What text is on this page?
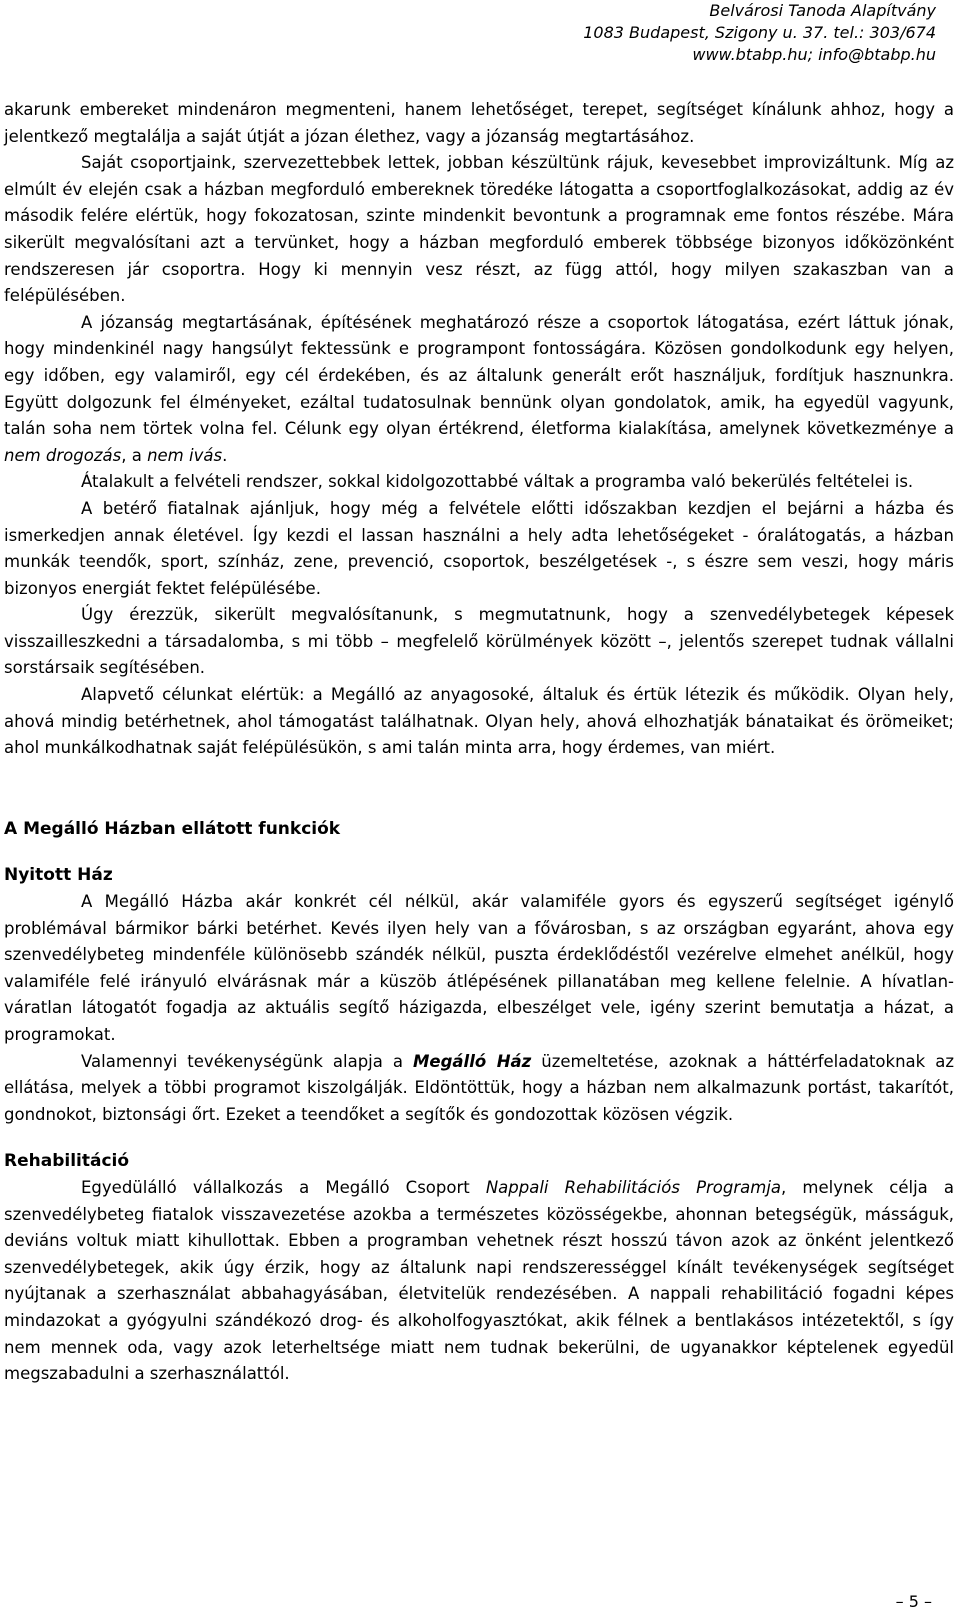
Belvárosi Tanoda Alapítvány
1083 Budapest, Szigony u. 37. tel.: 303/674
www.btabp.hu; info@btabp.hu

akarunk embereket mindenáron megmenteni, hanem lehetőséget, terepet, segítséget kínálunk ahhoz, hogy a jelentkező megtalálja a saját útját a józan élethez, vagy a józanság megtartásához.

Saját csoportjaink, szervezettebbek lettek, jobban készültünk rájuk, kevesebbet improvizáltunk. Míg az elmúlt év elején csak a házban megforduló embereknek töredéke látogatta a csoportfoglalkozásokat, addig az év második felére elértük, hogy fokozatosan, szinte mindenkit bevontunk a programnak eme fontos részébe. Mára sikerült megvalósítani azt a tervünket, hogy a házban megforduló emberek többsége bizonyos időközönként rendszeresen jár csoportra. Hogy ki mennyin vesz részt, az függ attól, hogy milyen szakaszban van a felépülésében.

A józanság megtartásának, építésének meghatározó része a csoportok látogatása, ezért láttuk jónak, hogy mindenkinél nagy hangsúlyt fektessünk e programpont fontosságára. Közösen gondolkodunk egy helyen, egy időben, egy valamiről, egy cél érdekében, és az általunk generált erőt használjuk, fordítjuk hasznunkra. Együtt dolgozunk fel élményeket, ezáltal tudatosulnak bennünk olyan gondolatok, amik, ha egyedül vagyunk, talán soha nem törtek volna fel. Célunk egy olyan értékrend, életforma kialakítása, amelynek következménye a nem drogozás, a nem ivás.

Átalakult a felvételi rendszer, sokkal kidolgozottabbé váltak a programba való bekerülés feltételei is.

A betérő fiatalnak ajánljuk, hogy még a felvétele előtti időszakban kezdjen el bejárni a házba és ismerkedjen annak életével. Így kezdi el lassan használni a hely adta lehetőségeket - óralátogatás, a házban munkák teendők, sport, színház, zene, prevenció, csoportok, beszélgetések -, s észre sem veszi, hogy máris bizonyos energiát fektet felépülésébe.

Úgy érezzük, sikerült megvalósítanunk, s megmutatnunk, hogy a szenvedélybetegek képesek visszailleszkedni a társadalomba, s mi több – megfelelő körülmények között –, jelentős szerepet tudnak vállalni sorstársaik segítésében.

Alapvető célunkat elértük: a Megálló az anyagosoké, általuk és értük létezik és működik. Olyan hely, ahová mindig betérhetnek, ahol támogatást találhatnak. Olyan hely, ahová elhozhatják bánataikat és örömeiket; ahol munkálkodhatnak saját felépülésükön, s ami talán minta arra, hogy érdemes, van miért.

A Megálló Házban ellátott funkciók
Nyitott Ház

A Megálló Házba akár konkrét cél nélkül, akár valamiféle gyors és egyszerű segítséget igénylő problémával bármikor bárki betérhet. Kevés ilyen hely van a fővárosban, s az országban egyaránt, ahova egy szenvedélybeteg mindenféle különösebb szándék nélkül, puszta érdeklődéstől vezérelve elmehet anélkül, hogy valamiféle felé irányuló elvárásnak már a küszöb átlépésének pillanatában meg kellene felelnie. A hívatlan-váratlan látogatót fogadja az aktuális segítő házigazda, elbeszélget vele, igény szerint bemutatja a házat, a programokat.

Valamennyi tevékenységünk alapja a Megálló Ház üzemeltetése, azoknak a háttérfeladatoknak az ellátása, melyek a többi programot kiszolgálják. Eldöntöttük, hogy a házban nem alkalmazunk portást, takarítót, gondnokot, biztonsági őrt. Ezeket a teendőket a segítők és gondozottak közösen végzik.

Rehabilitáció

Egyedülálló vállalkozás a Megálló Csoport Nappali Rehabilitációs Programja, melynek célja a szenvedélybeteg fiatalok visszavezetése azokba a természetes közösségekbe, ahonnan betegségük, másságuk, deviáns voltuk miatt kihullottak. Ebben a programban vehetnek részt hosszú távon azok az önként jelentkező szenvedélybetegek, akik úgy érzik, hogy az általunk napi rendszerességgel kínált tevékenységek segítséget nyújtanak a szerhasználat abbahagyásában, életvitelük rendezésében. A nappali rehabilitáció fogadni képes mindazokat a gyógyulni szándékozó drog- és alkoholfogyasztókat, akik félnek a bentlakásos intézetektől, s így nem mennek oda, vagy azok leterheltsége miatt nem tudnak bekerülni, de ugyanakkor képtelenek egyedül megszabadulni a szerhasználattól.

– 5 –
